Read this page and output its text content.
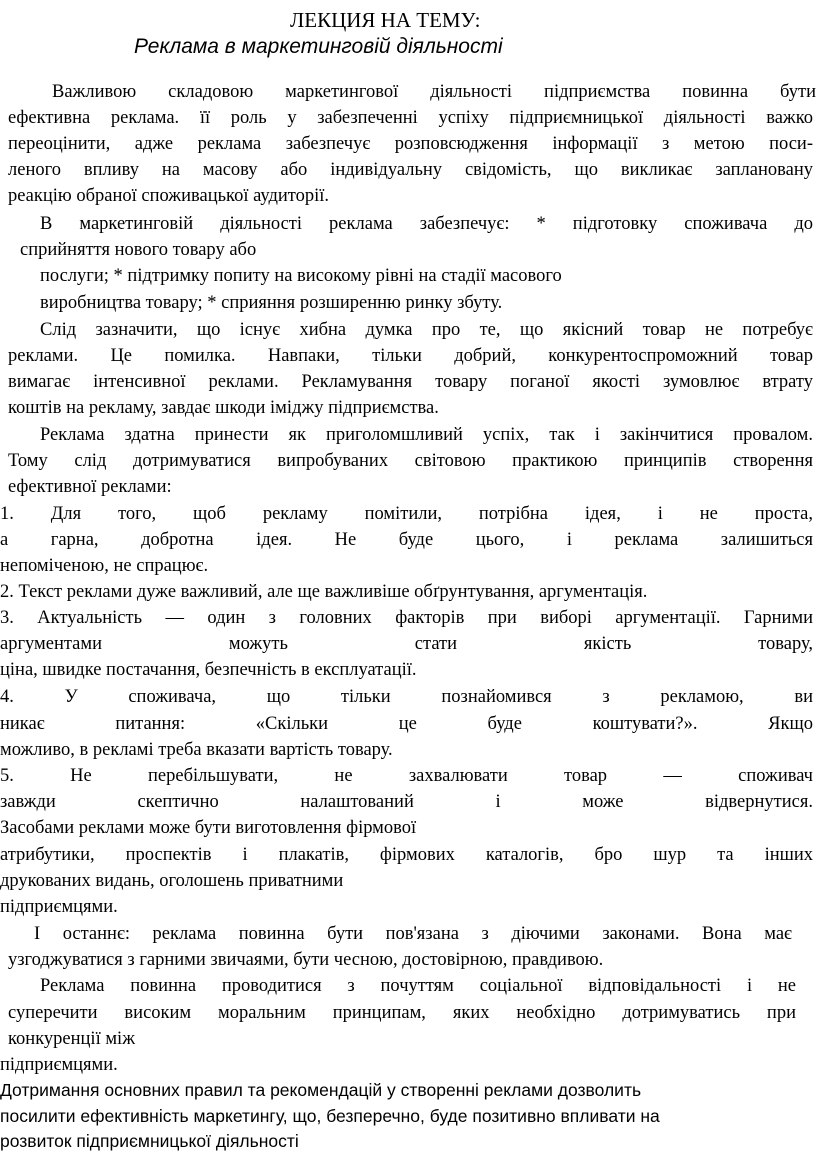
ЛЕКЦИЯ НА ТЕМУ:
Реклама в маркетинговій діяльності
Важливою складовою маркетингової діяльності підприємства повинна бути
ефективна реклама. її роль у забезпеченні успіху підприємницької діяльності важко
переоцінити, адже реклама забезпечує розповсюдження інформації з метою поси-
леного впливу на масову або індивідуальну свідомість, що викликає заплановану
реакцію обраної споживацької аудиторії.
В маркетинговій діяльності реклама забезпечує: * підготовку споживача до
сприйняття нового товару або
послуги; * підтримку попиту на високому рівні на стадії масового
виробництва товару; * сприяння розширенню ринку збуту.
Слід зазначити, що існує хибна думка про те, що якісний товар не потребує
реклами. Це помилка. Навпаки, тільки добрий, конкурентоспроможний товар
вимагає інтенсивної реклами. Рекламування товару поганої якості зумовлює втрату
коштів на рекламу, завдає шкоди іміджу підприємства.
Реклама здатна принести як приголомшливий успіх, так і закінчитися провалом.
Тому слід дотримуватися випробуваних світовою практикою принципів створення
ефективної реклами:
1. Для того, щоб рекламу помітили, потрібна ідея, і не проста,
а гарна, добротна ідея. Не буде цього, і реклама залишиться
непоміченою, не спрацює.
2. Текст реклами дуже важливий, але ще важливіше обґрунтування, аргументація.
3. Актуальність — один з головних факторів при виборі аргументації. Гарними
аргументами можуть стати якість товару,
ціна, швидке постачання, безпечність в експлуатації.
4. У споживача, що тільки познайомився з рекламою, ви
никає питання: «Скільки це буде коштувати?». Якщо
можливо, в рекламі треба вказати вартість товару.
5. Не перебільшувати, не захвалювати товар — споживач
завжди скептично налаштований і може відвернутися.
Засобами реклами може бути виготовлення фірмової
атрибутики, проспектів і плакатів, фірмових каталогів, бро шур та інших
друкованих видань, оголошень приватними
підприємцями.
І останнє: реклама повинна бути пов'язана з діючими законами. Вона має
узгоджуватися з гарними звичаями, бути чесною, достовірною, правдивою.
Реклама повинна проводитися з почуттям соціальної відповідальності і не
суперечити високим моральним принципам, яких необхідно дотримуватись при
конкуренції між
підприємцями.
Дотримання основних правил та рекомендацій у створенні реклами дозволить
посилити ефективність маркетингу, що, безперечно, буде позитивно впливати на
розвиток підприємницької діяльності
